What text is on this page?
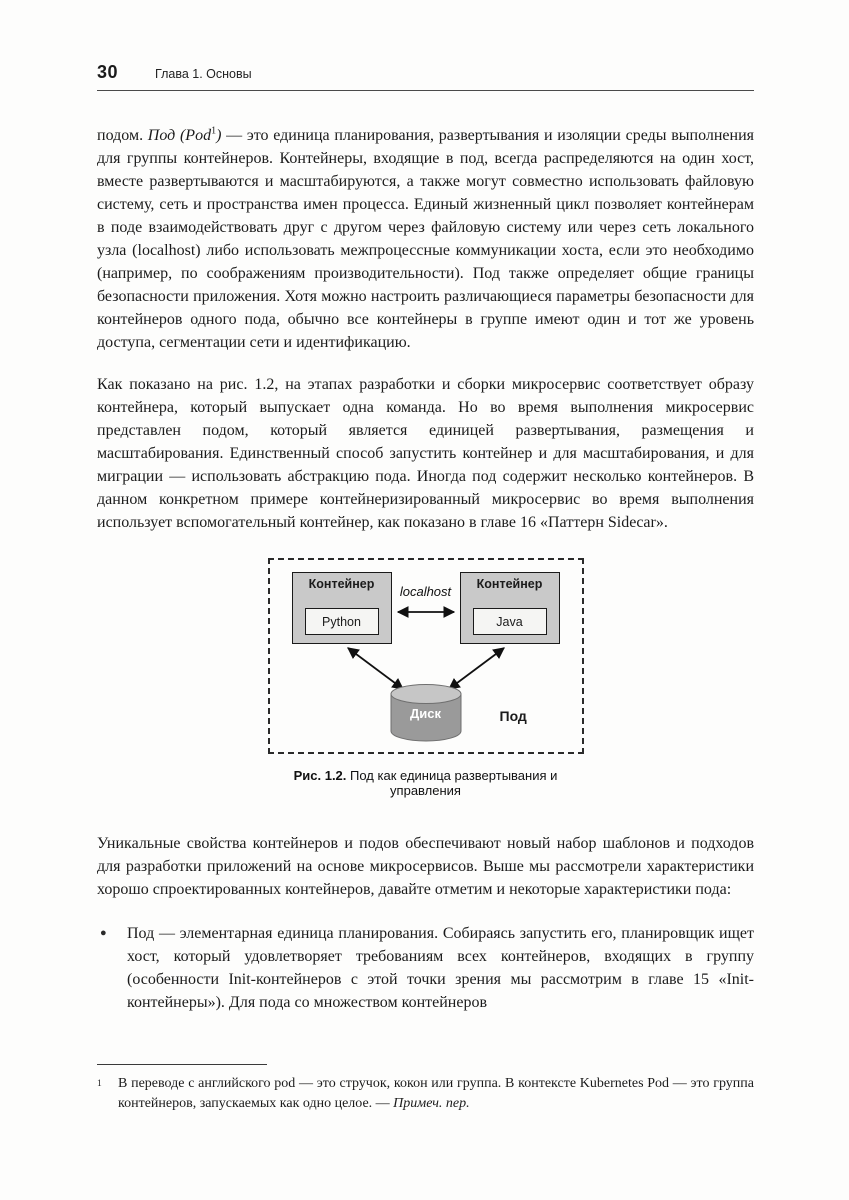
30	Глава 1. Основы

подом. Под (Pod$^1$) — это единица планирования, развертывания и изоляции среды выполнения для группы контейнеров. Контейнеры, входящие в под, всегда распределяются на один хост, вместе развертываются и масштабируются, а также могут совместно использовать файловую систему, сеть и пространства имен процесса. Единый жизненный цикл позволяет контейнерам в поде взаимодействовать друг с другом через файловую систему или через сеть локального узла (localhost) либо использовать межпроцессные коммуникации хоста, если это необходимо (например, по соображениям производительности). Под также определяет общие границы безопасности приложения. Хотя можно настроить различающиеся параметры безопасности для контейнеров одного пода, обычно все контейнеры в группе имеют один и тот же уровень доступа, сегментации сети и идентификацию.

Как показано на рис. 1.2, на этапах разработки и сборки микросервис соответствует образу контейнера, который выпускает одна команда. Но во время выполнения микросервис представлен подом, который является единицей развертывания, размещения и масштабирования. Единственный способ запустить контейнер и для масштабирования, и для миграции — использовать абстракцию пода. Иногда под содержит несколько контейнеров. В данном конкретном примере контейнеризированный микросервис во время выполнения использует вспомогательный контейнер, как показано в главе 16 «Паттерн Sidecar».

Контейнер
Python
Контейнер
Java
localhost
Диск	Под
Рис. 1.2. Под как единица развертывания и управления

Уникальные свойства контейнеров и подов обеспечивают новый набор шаблонов и подходов для разработки приложений на основе микросервисов. Выше мы рассмотрели характеристики хорошо спроектированных контейнеров, давайте отметим и некоторые характеристики пода:

●	Под — элементарная единица планирования. Собираясь запустить его, планировщик ищет хост, который удовлетворяет требованиям всех контейнеров, входящих в группу (особенности Init-контейнеров с этой точки зрения мы рассмотрим в главе 15 «Init-контейнеры»). Для пода со множеством контейнеров
$^1$	В переводе с английского pod — это стручок, кокон или группа. В контексте Kubernetes Pod — это группа контейнеров, запускаемых как одно целое. — Примеч. пер.
